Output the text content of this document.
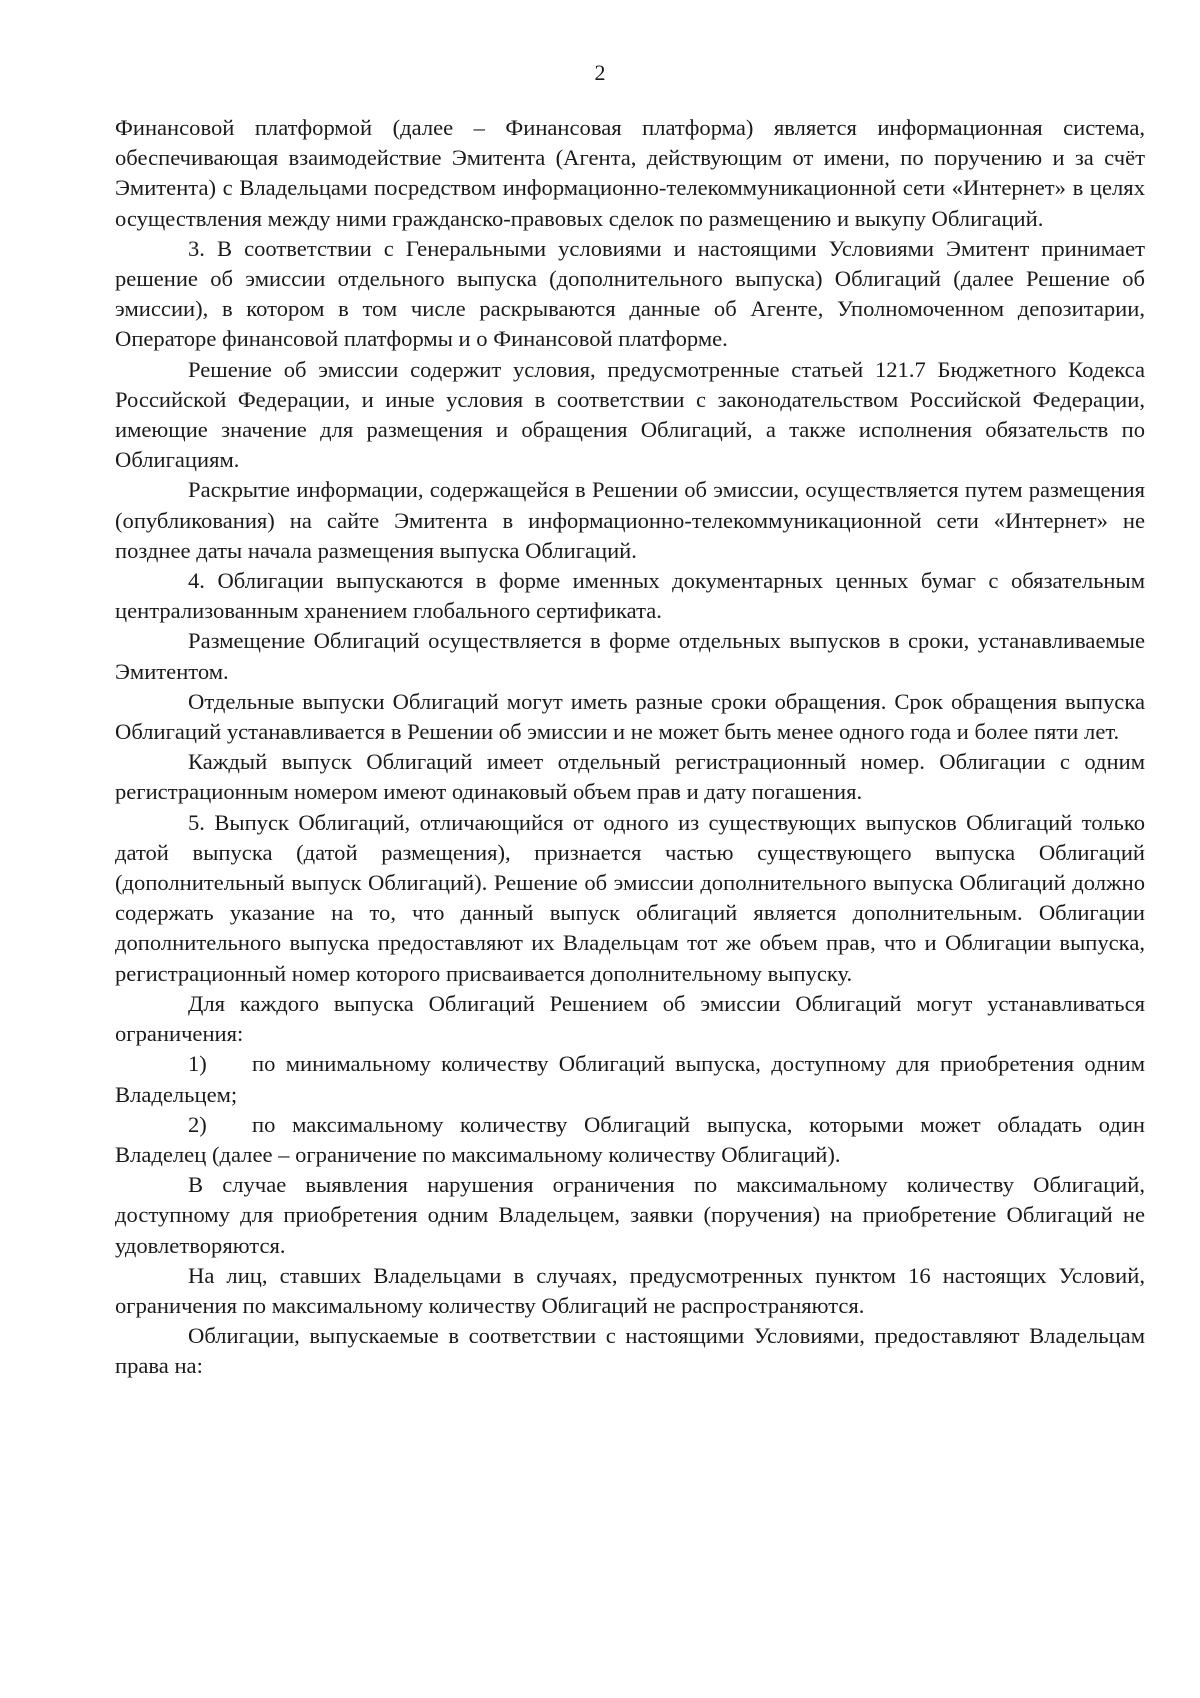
2

Финансовой платформой (далее – Финансовая платформа) является информационная система, обеспечивающая взаимодействие Эмитента (Агента, действующим от имени, по поручению и за счёт Эмитента) с Владельцами посредством информационно-телекоммуникационной сети «Интернет» в целях осуществления между ними гражданско-правовых сделок по размещению и выкупу Облигаций.

3. В соответствии с Генеральными условиями и настоящими Условиями Эмитент принимает решение об эмиссии отдельного выпуска (дополнительного выпуска) Облигаций (далее Решение об эмиссии), в котором в том числе раскрываются данные об Агенте, Уполномоченном депозитарии, Операторе финансовой платформы и о Финансовой платформе.

Решение об эмиссии содержит условия, предусмотренные статьей 121.7 Бюджетного Кодекса Российской Федерации, и иные условия в соответствии с законодательством Российской Федерации, имеющие значение для размещения и обращения Облигаций, а также исполнения обязательств по Облигациям.

Раскрытие информации, содержащейся в Решении об эмиссии, осуществляется путем размещения (опубликования) на сайте Эмитента в информационно-телекоммуникационной сети «Интернет» не позднее даты начала размещения выпуска Облигаций.

4. Облигации выпускаются в форме именных документарных ценных бумаг с обязательным централизованным хранением глобального сертификата.

Размещение Облигаций осуществляется в форме отдельных выпусков в сроки, устанавливаемые Эмитентом.

Отдельные выпуски Облигаций могут иметь разные сроки обращения. Срок обращения выпуска Облигаций устанавливается в Решении об эмиссии и не может быть менее одного года и более пяти лет.

Каждый выпуск Облигаций имеет отдельный регистрационный номер. Облигации с одним регистрационным номером имеют одинаковый объем прав и дату погашения.

5. Выпуск Облигаций, отличающийся от одного из существующих выпусков Облигаций только датой выпуска (датой размещения), признается частью существующего выпуска Облигаций (дополнительный выпуск Облигаций). Решение об эмиссии дополнительного выпуска Облигаций должно содержать указание на то, что данный выпуск облигаций является дополнительным. Облигации дополнительного выпуска предоставляют их Владельцам тот же объем прав, что и Облигации выпуска, регистрационный номер которого присваивается дополнительному выпуску.

Для каждого выпуска Облигаций Решением об эмиссии Облигаций могут устанавливаться ограничения:

1)  по минимальному количеству Облигаций выпуска, доступному для приобретения одним Владельцем;

2)  по максимальному количеству Облигаций выпуска, которыми может обладать один Владелец (далее – ограничение по максимальному количеству Облигаций).

В случае выявления нарушения ограничения по максимальному количеству Облигаций, доступному для приобретения одним Владельцем, заявки (поручения) на приобретение Облигаций не удовлетворяются.

На лиц, ставших Владельцами в случаях, предусмотренных пунктом 16 настоящих Условий, ограничения по максимальному количеству Облигаций не распространяются.

Облигации, выпускаемые в соответствии с настоящими Условиями, предоставляют Владельцам права на:
